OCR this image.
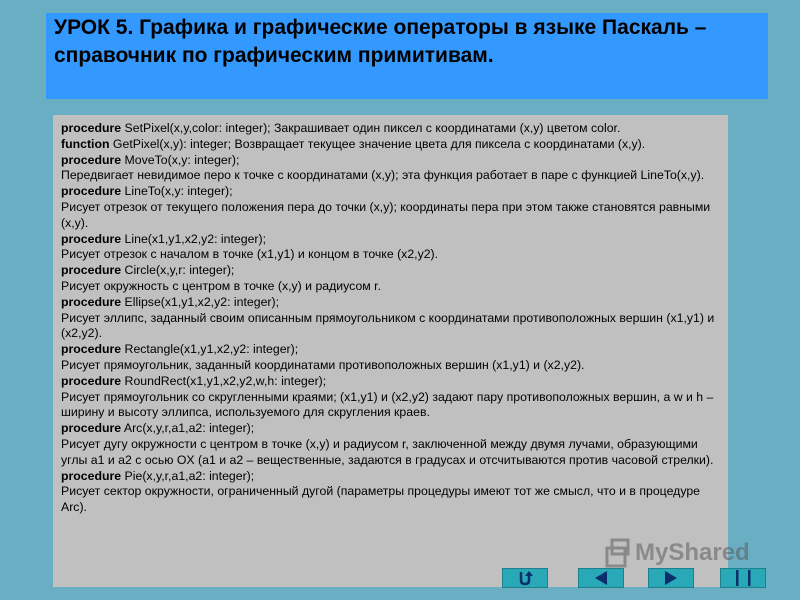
УРОК 5. Графика и графические операторы в языке Паскаль – справочник по графическим примитивам.
procedure SetPixel(x,y,color: integer); Закрашивает один пиксел с координатами (x,y) цветом color.
function GetPixel(x,y): integer; Возвращает текущее значение цвета для пиксела с координатами (x,y).
procedure MoveTo(x,y: integer);
Передвигает невидимое перо к точке с координатами (x,y); эта функция работает в паре с функцией LineTo(x,y).
procedure LineTo(x,y: integer);
Рисует отрезок от текущего положения пера до точки (x,y); координаты пера при этом также становятся равными (x,y).
procedure Line(x1,y1,x2,y2: integer);
Рисует отрезок с началом в точке (x1,y1) и концом в точке (x2,y2).
procedure Circle(x,y,r: integer);
Рисует окружность с центром в точке (x,y) и радиусом r.
procedure Ellipse(x1,y1,x2,y2: integer);
Рисует эллипс, заданный своим описанным прямоугольником с координатами противоположных вершин (x1,y1) и (x2,y2).
procedure Rectangle(x1,y1,x2,y2: integer);
Рисует прямоугольник, заданный координатами противоположных вершин (x1,y1) и (x2,y2).
procedure RoundRect(x1,y1,x2,y2,w,h: integer);
Рисует прямоугольник со скругленными краями; (x1,y1) и (x2,y2) задают пару противоположных вершин, а w и h – ширину и высоту эллипса, используемого для скругления краев.
procedure Arc(x,y,r,a1,a2: integer);
Рисует дугу окружности с центром в точке (x,y) и радиусом r, заключенной между двумя лучами, образующими углы a1 и a2 с осью OX (a1 и a2 – вещественные, задаются в градусах и отсчитываются против часовой стрелки).
procedure Pie(x,y,r,a1,a2: integer);
Рисует сектор окружности, ограниченный дугой (параметры процедуры имеют тот же смысл, что и в процедуре Arc).
MyShared
